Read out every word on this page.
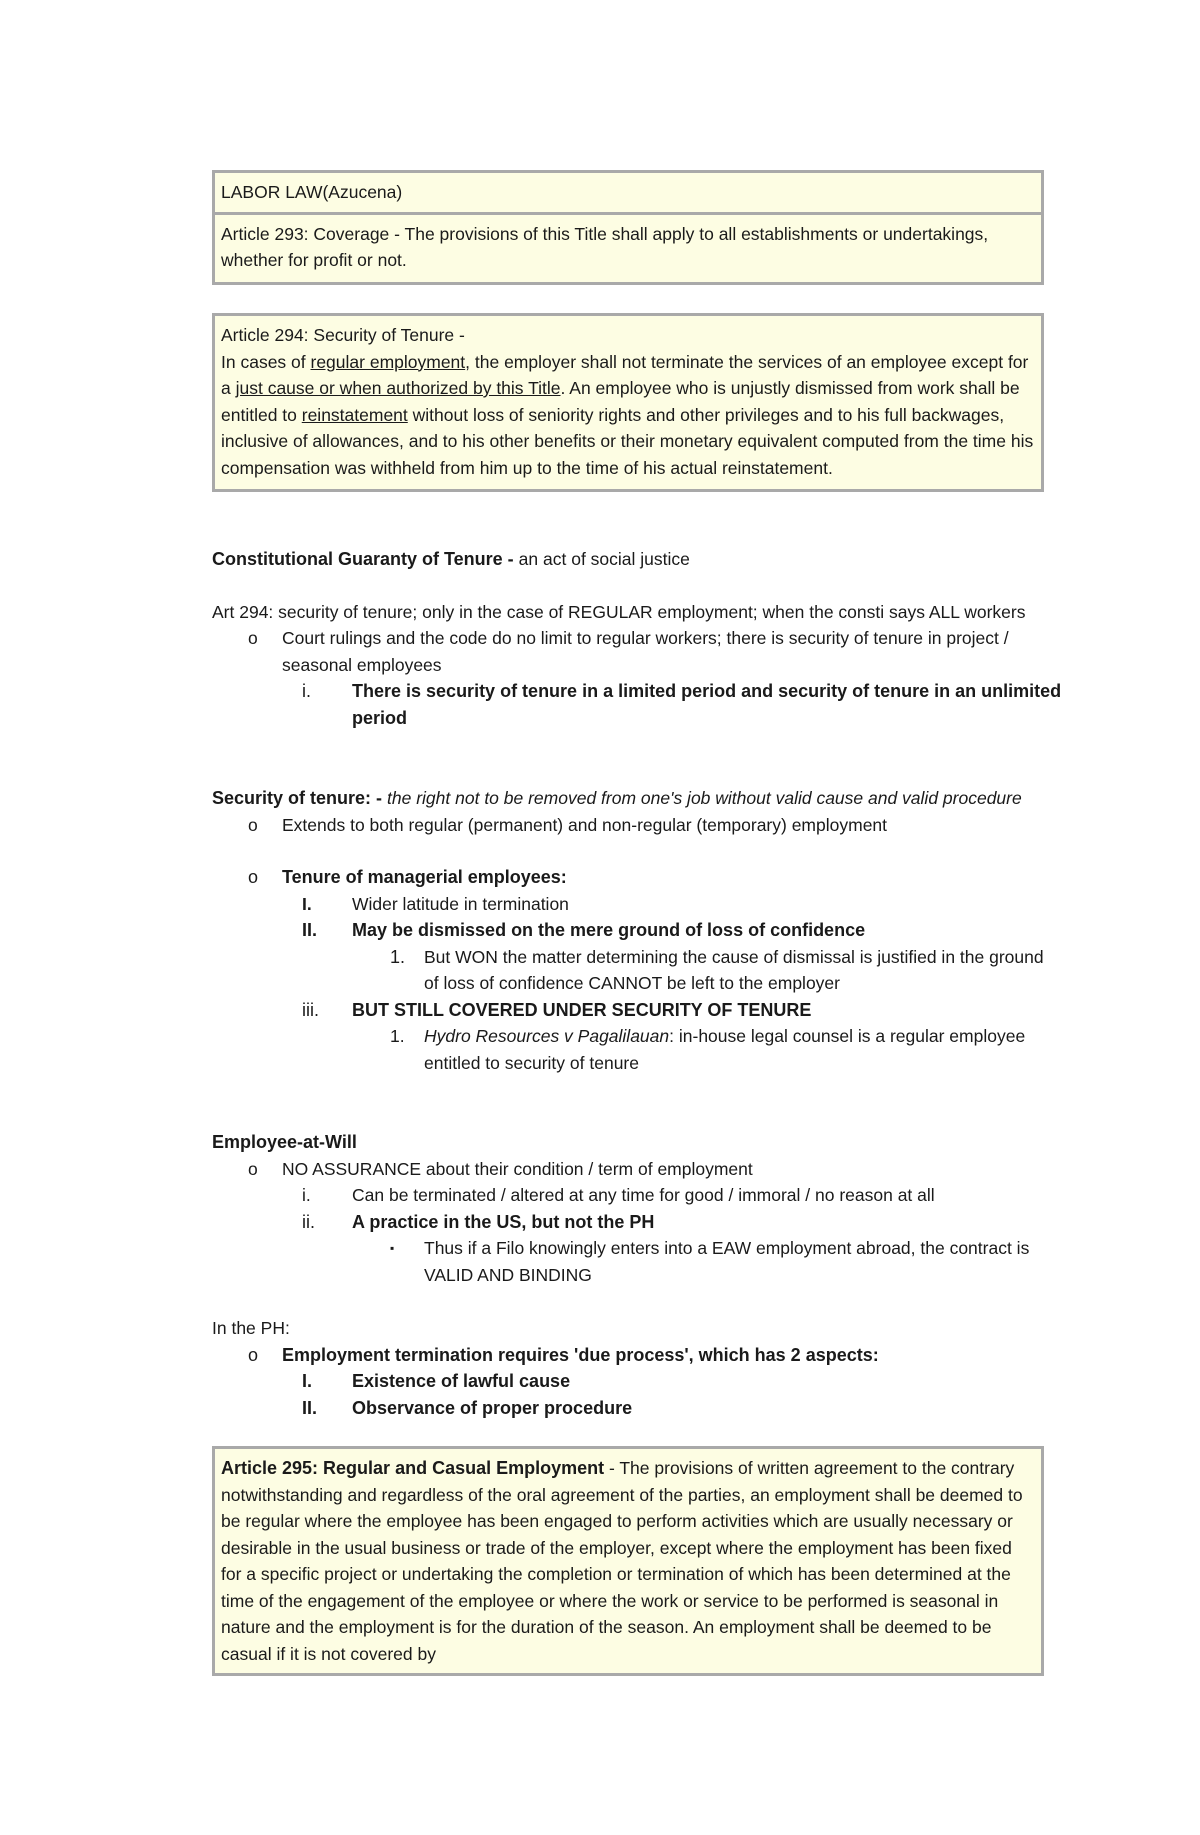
LABOR LAW(Azucena)
Article 293: Coverage - The provisions of this Title shall apply to all establishments or undertakings, whether for profit or not.
Article 294: Security of Tenure -
In cases of regular employment, the employer shall not terminate the services of an employee except for a just cause or when authorized by this Title. An employee who is unjustly dismissed from work shall be entitled to reinstatement without loss of seniority rights and other privileges and to his full backwages, inclusive of allowances, and to his other benefits or their monetary equivalent computed from the time his compensation was withheld from him up to the time of his actual reinstatement.
Constitutional Guaranty of Tenure - an act of social justice
Art 294: security of tenure; only in the case of REGULAR employment; when the consti says ALL workers
o Court rulings and the code do no limit to regular workers; there is security of tenure in project / seasonal employees
i. There is security of tenure in a limited period and security of tenure in an unlimited period
Security of tenure: - the right not to be removed from one's job without valid cause and valid procedure
o Extends to both regular (permanent) and non-regular (temporary) employment
o Tenure of managerial employees:
I. Wider latitude in termination
II. May be dismissed on the mere ground of loss of confidence
1. But WON the matter determining the cause of dismissal is justified in the ground of loss of confidence CANNOT be left to the employer
iii. BUT STILL COVERED UNDER SECURITY OF TENURE
1. Hydro Resources v Pagalilauan: in-house legal counsel is a regular employee entitled to security of tenure
Employee-at-Will
o NO ASSURANCE about their condition / term of employment
i. Can be terminated / altered at any time for good / immoral / no reason at all
ii. A practice in the US, but not the PH
▪ Thus if a Filo knowingly enters into a EAW employment abroad, the contract is VALID AND BINDING
In the PH:
o Employment termination requires 'due process', which has 2 aspects:
I. Existence of lawful cause
II. Observance of proper procedure
Article 295: Regular and Casual Employment - The provisions of written agreement to the contrary notwithstanding and regardless of the oral agreement of the parties, an employment shall be deemed to be regular where the employee has been engaged to perform activities which are usually necessary or desirable in the usual business or trade of the employer, except where the employment has been fixed for a specific project or undertaking the completion or termination of which has been determined at the time of the engagement of the employee or where the work or service to be performed is seasonal in nature and the employment is for the duration of the season. An employment shall be deemed to be casual if it is not covered by
